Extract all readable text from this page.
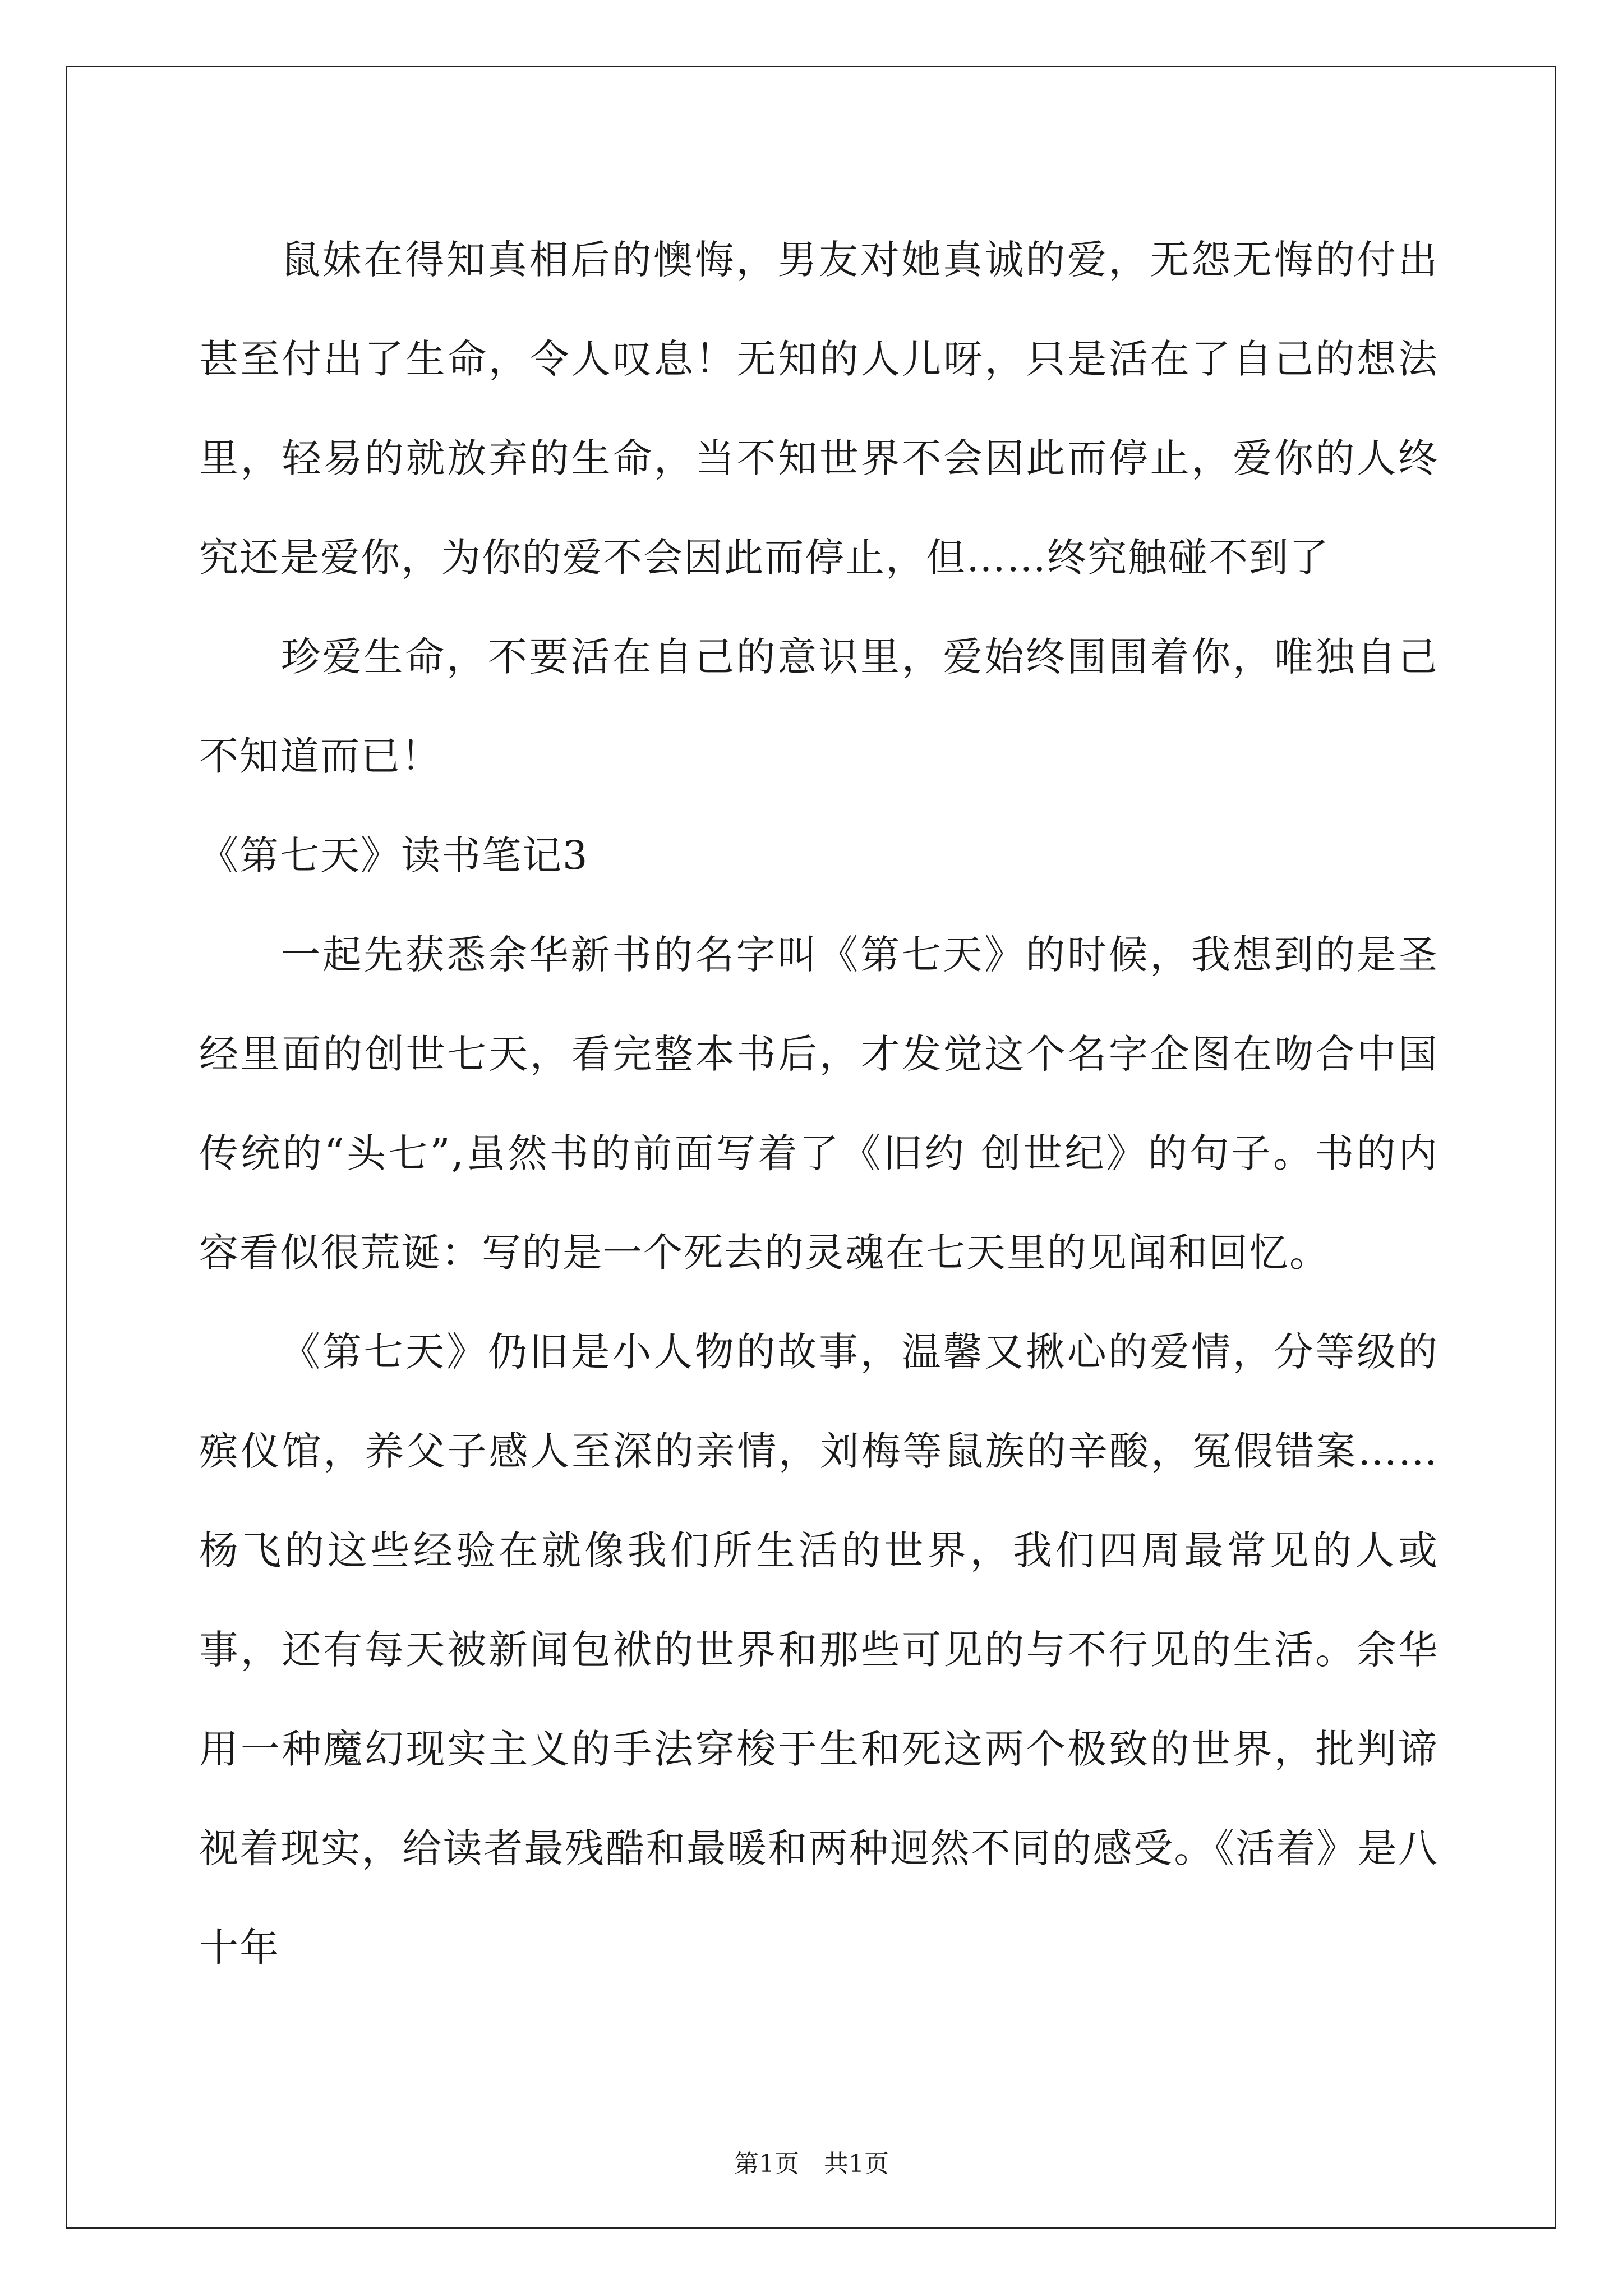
鼠妹在得知真相后的懊悔，男友对她真诚的爱，无怨无悔的付出甚至付出了生命，令人叹息！无知的人儿呀，只是活在了自己的想法里，轻易的就放弃的生命，当不知世界不会因此而停止，爱你的人终究还是爱你，为你的爱不会因此而停止，但……终究触碰不到了

珍爱生命，不要活在自己的意识里，爱始终围围着你，唯独自己不知道而已！

《第七天》读书笔记3

一起先获悉余华新书的名字叫《第七天》的时候，我想到的是圣经里面的创世七天，看完整本书后，才发觉这个名字企图在吻合中国传统的“头七”,虽然书的前面写着了《旧约 创世纪》的句子。书的内容看似很荒诞：写的是一个死去的灵魂在七天里的见闻和回忆。

《第七天》仍旧是小人物的故事，温馨又揪心的爱情，分等级的殡仪馆，养父子感人至深的亲情，刘梅等鼠族的辛酸，冤假错案……杨飞的这些经验在就像我们所生活的世界，我们四周最常见的人或事，还有每天被新闻包袱的世界和那些可见的与不行见的生活。余华用一种魔幻现实主义的手法穿梭于生和死这两个极致的世界，批判谛视着现实，给读者最残酷和最暖和两种迥然不同的感受。《活着》是八十年

第1页　共1页
